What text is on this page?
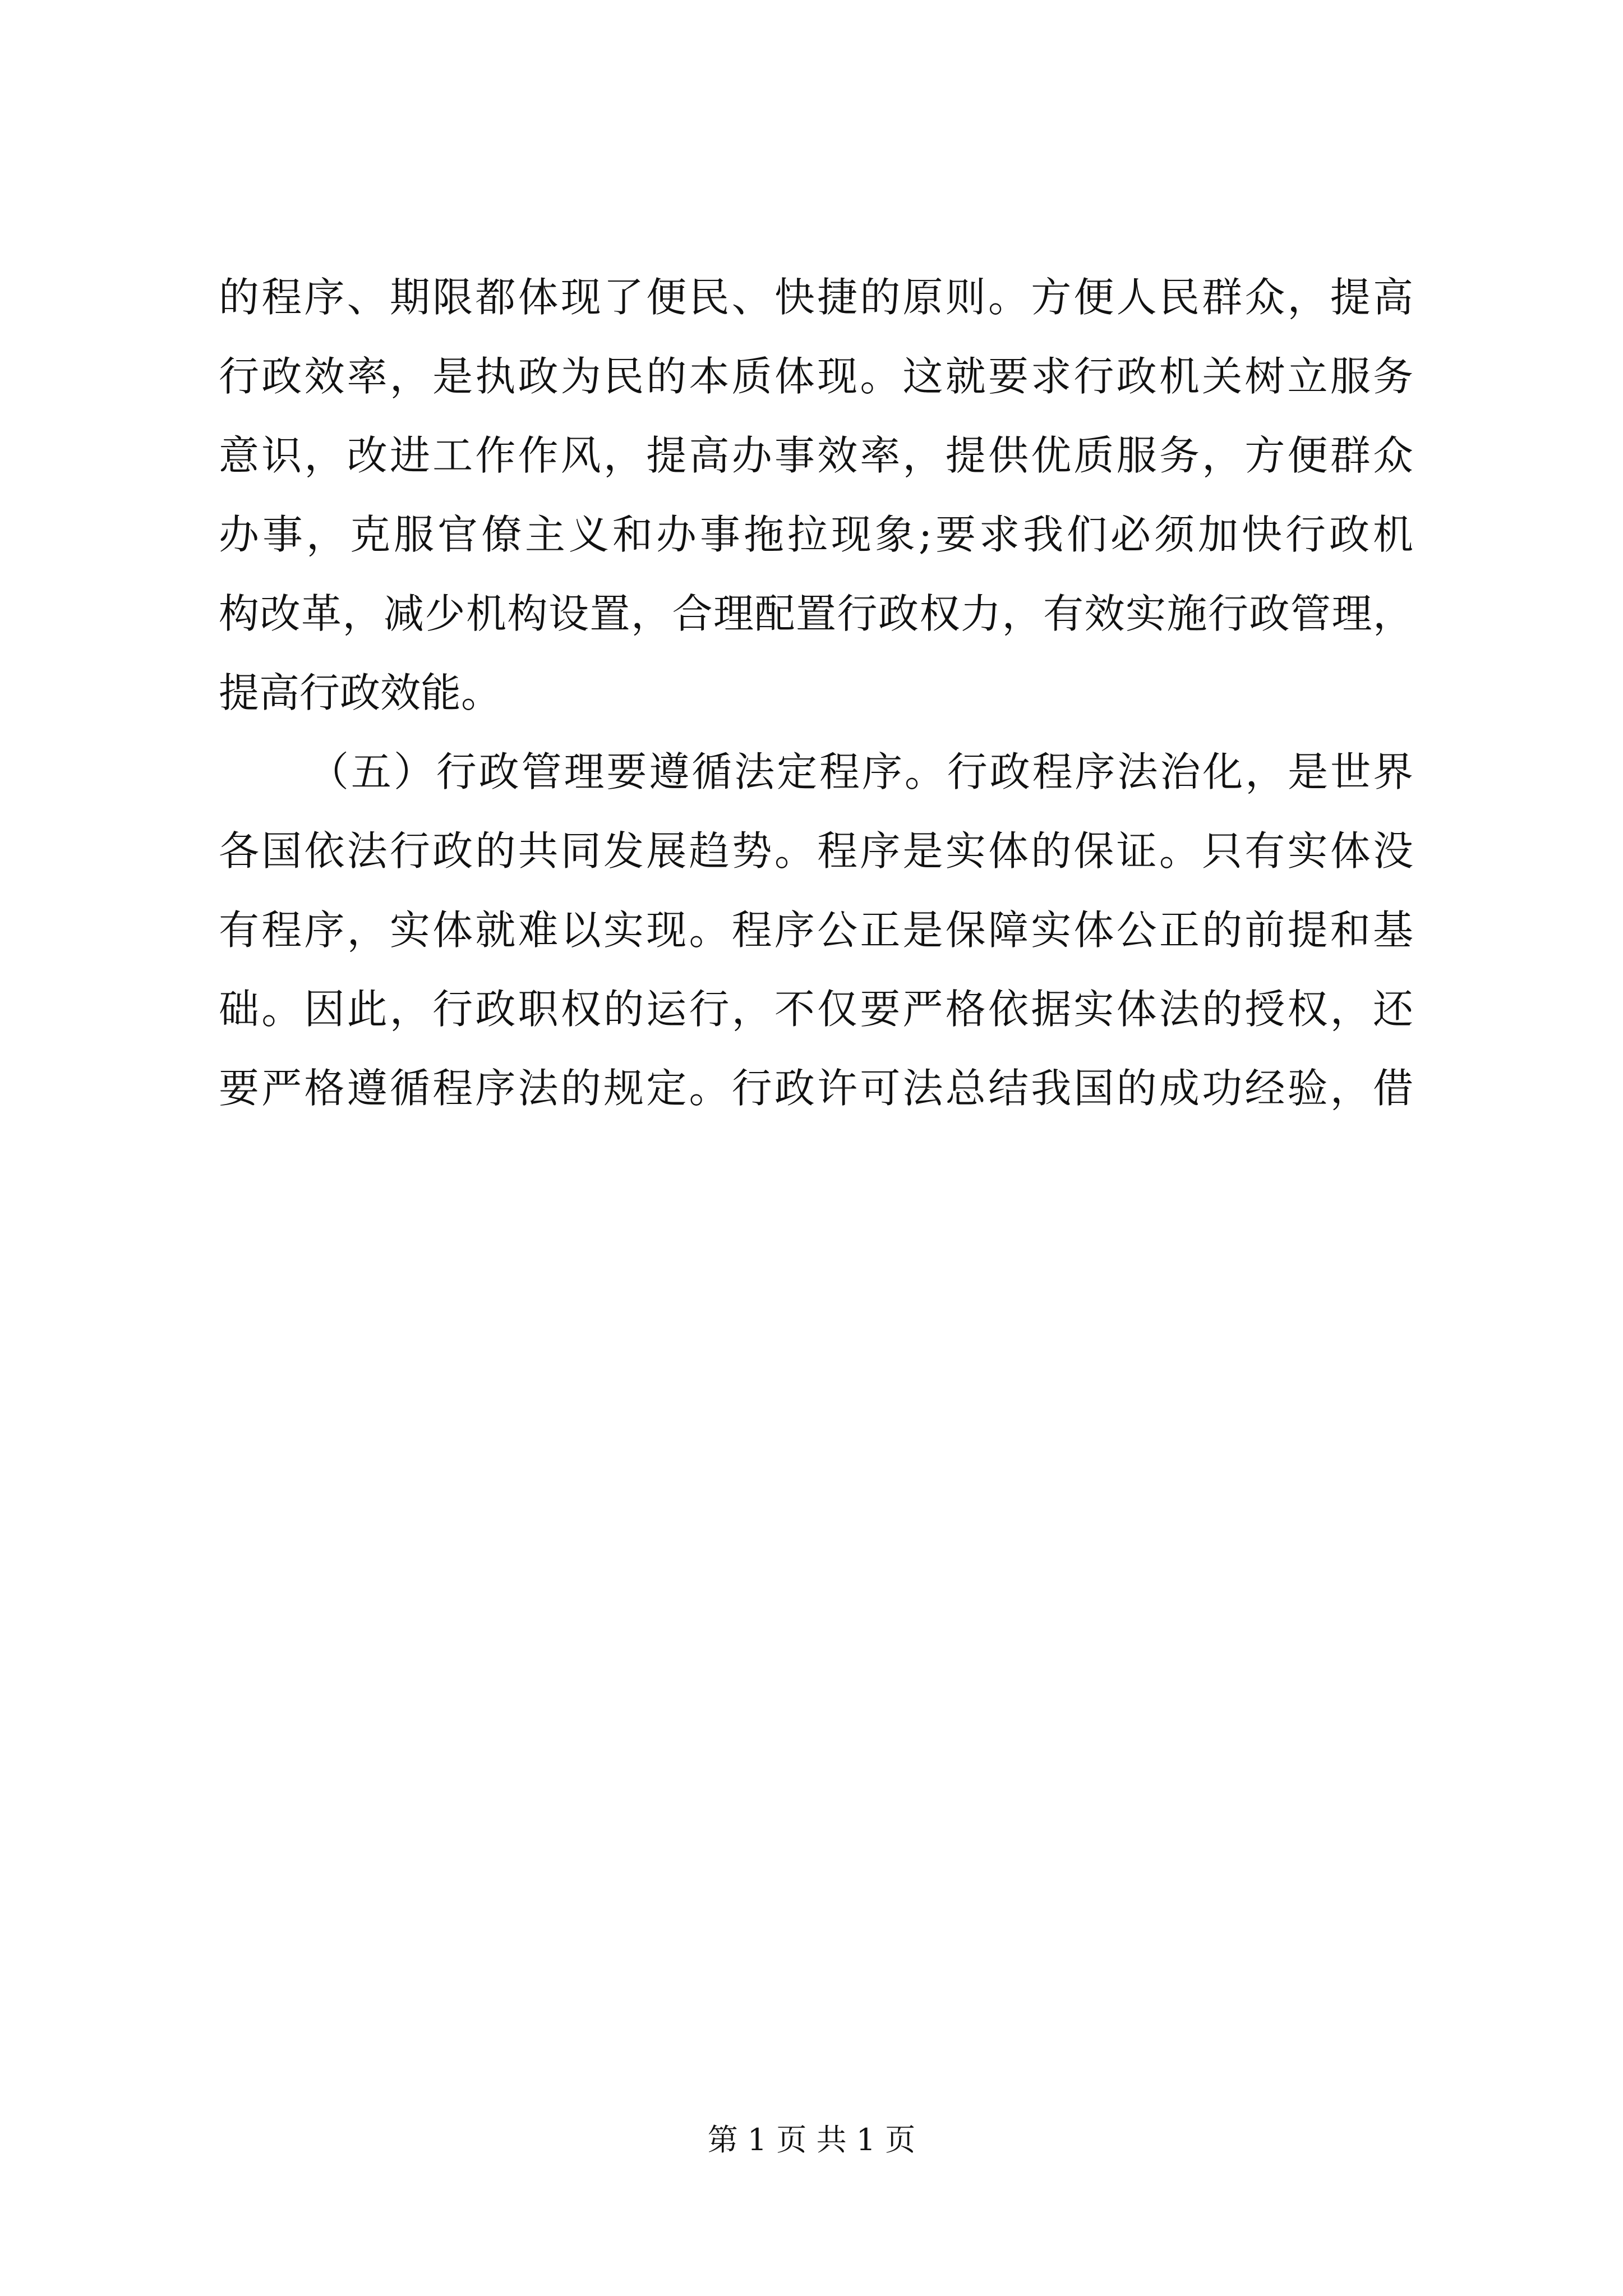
的程序、期限都体现了便民、快捷的原则。方便人民群众，提高
行政效率，是执政为民的本质体现。这就要求行政机关树立服务
意识，改进工作作风，提高办事效率，提供优质服务，方便群众
办事，克服官僚主义和办事拖拉现象;要求我们必须加快行政机
构改革，减少机构设置，合理配置行政权力，有效实施行政管理，
提高行政效能。
（五）行政管理要遵循法定程序。行政程序法治化，是世界
各国依法行政的共同发展趋势。程序是实体的保证。只有实体没
有程序，实体就难以实现。程序公正是保障实体公正的前提和基
础。因此，行政职权的运行，不仅要严格依据实体法的授权，还
要严格遵循程序法的规定。行政许可法总结我国的成功经验，借
第 1 页 共 1 页
